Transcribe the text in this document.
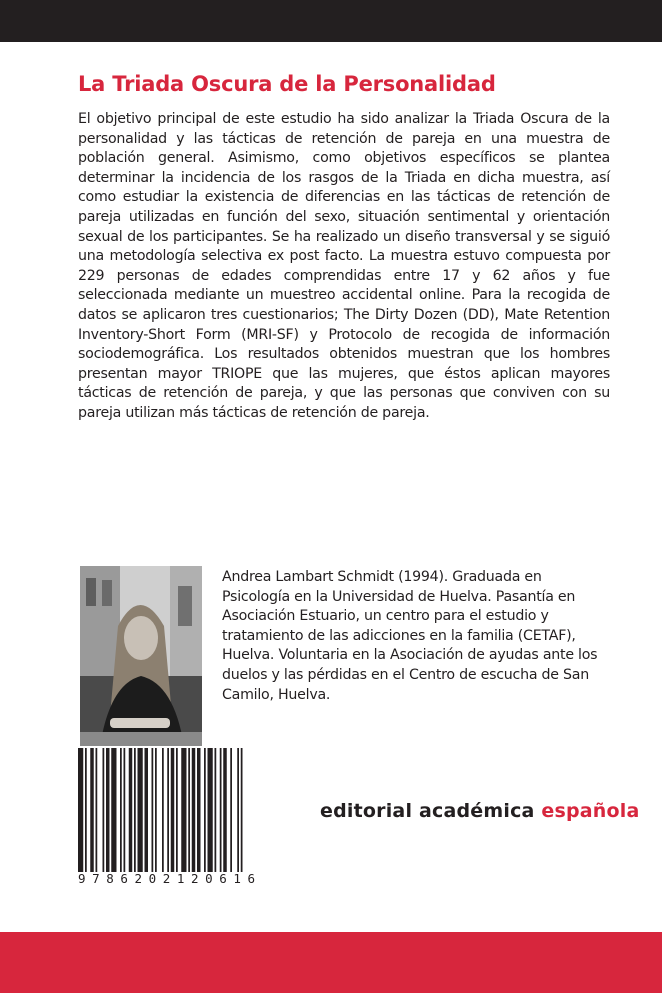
La Triada Oscura de la Personalidad

El objetivo principal de este estudio ha sido analizar la Triada Oscura de la personalidad y las tácticas de retención de pareja en una muestra de población general. Asimismo, como objetivos específicos se plantea determinar la incidencia de los rasgos de la Triada en dicha muestra, así como estudiar la existencia de diferencias en las tácticas de retención de pareja utilizadas en función del sexo, situación sentimental y orientación sexual de los participantes. Se ha realizado un diseño transversal y se siguió una metodología selectiva ex post facto. La muestra estuvo compuesta por 229 personas de edades comprendidas entre 17 y 62 años y fue seleccionada mediante un muestreo accidental online. Para la recogida de datos se aplicaron tres cuestionarios; The Dirty Dozen (DD), Mate Retention Inventory-Short Form (MRI-SF) y Protocolo de recogida de información sociodemográfica. Los resultados obtenidos muestran que los hombres presentan mayor TRIOPE que las mujeres, que éstos aplican mayores tácticas de retención de pareja, y que las personas que conviven con su pareja utilizan más tácticas de retención de pareja.

Andrea Lambart Schmidt (1994). Graduada en Psicología en la Universidad de Huelva. Pasantía en Asociación Estuario, un centro para el estudio y tratamiento de las adicciones en la familia (CETAF), Huelva. Voluntaria en la Asociación de ayudas ante los duelos y las pérdidas en el Centro de escucha de San Camilo, Huelva.

9786202120616
editorial académica española
